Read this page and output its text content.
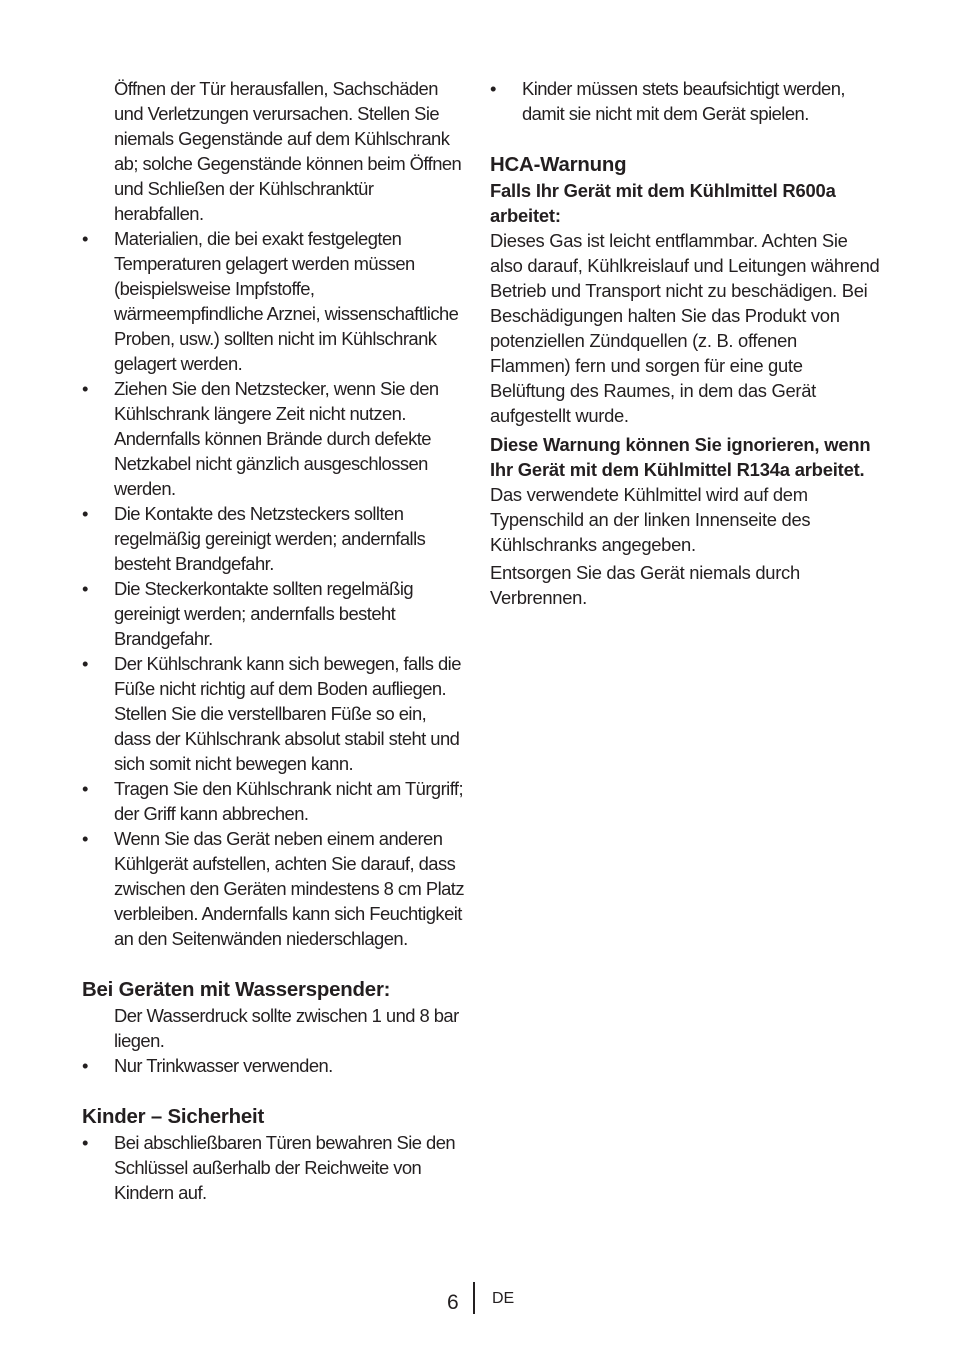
Öffnen der Tür herausfallen, Sachschäden und Verletzungen verursachen. Stellen Sie niemals Gegenstände auf dem Kühlschrank ab; solche Gegenstände können beim Öffnen und Schließen der Kühlschranktür herabfallen.
• Materialien, die bei exakt festgelegten Temperaturen gelagert werden müssen (beispielsweise Impfstoffe, wärmeempfindliche Arznei, wissenschaftliche Proben, usw.) sollten nicht im Kühlschrank gelagert werden.
• Ziehen Sie den Netzstecker, wenn Sie den Kühlschrank längere Zeit nicht nutzen. Andernfalls können Brände durch defekte Netzkabel nicht gänzlich ausgeschlossen werden.
• Die Kontakte des Netzsteckers sollten regelmäßig gereinigt werden; andernfalls besteht Brandgefahr.
• Die Steckerkontakte sollten regelmäßig gereinigt werden; andernfalls besteht Brandgefahr.
• Der Kühlschrank kann sich bewegen, falls die Füße nicht richtig auf dem Boden aufliegen. Stellen Sie die verstellbaren Füße so ein, dass der Kühlschrank absolut stabil steht und sich somit nicht bewegen kann.
• Tragen Sie den Kühlschrank nicht am Türgriff; der Griff kann abbrechen.
• Wenn Sie das Gerät neben einem anderen Kühlgerät aufstellen, achten Sie darauf, dass zwischen den Geräten mindestens 8 cm Platz verbleiben. Andernfalls kann sich Feuchtigkeit an den Seitenwänden niederschlagen.
Bei Geräten mit Wasserspender:
Der Wasserdruck sollte zwischen 1 und 8 bar liegen.
• Nur Trinkwasser verwenden.
Kinder – Sicherheit
• Bei abschließbaren Türen bewahren Sie den Schlüssel außerhalb der Reichweite von Kindern auf.
• Kinder müssen stets beaufsichtigt werden, damit sie nicht mit dem Gerät spielen.
HCA-Warnung
Falls Ihr Gerät mit dem Kühlmittel R600a arbeitet:
Dieses Gas ist leicht entflammbar. Achten Sie also darauf, Kühlkreislauf und Leitungen während Betrieb und Transport nicht zu beschädigen. Bei Beschädigungen halten Sie das Produkt von potenziellen Zündquellen (z. B. offenen Flammen) fern und sorgen für eine gute Belüftung des Raumes, in dem das Gerät aufgestellt wurde.
Diese Warnung können Sie ignorieren, wenn Ihr Gerät mit dem Kühlmittel R134a arbeitet.
Das verwendete Kühlmittel wird auf dem Typenschild an der linken Innenseite des Kühlschranks angegeben.
Entsorgen Sie das Gerät niemals durch Verbrennen.
6 DE
